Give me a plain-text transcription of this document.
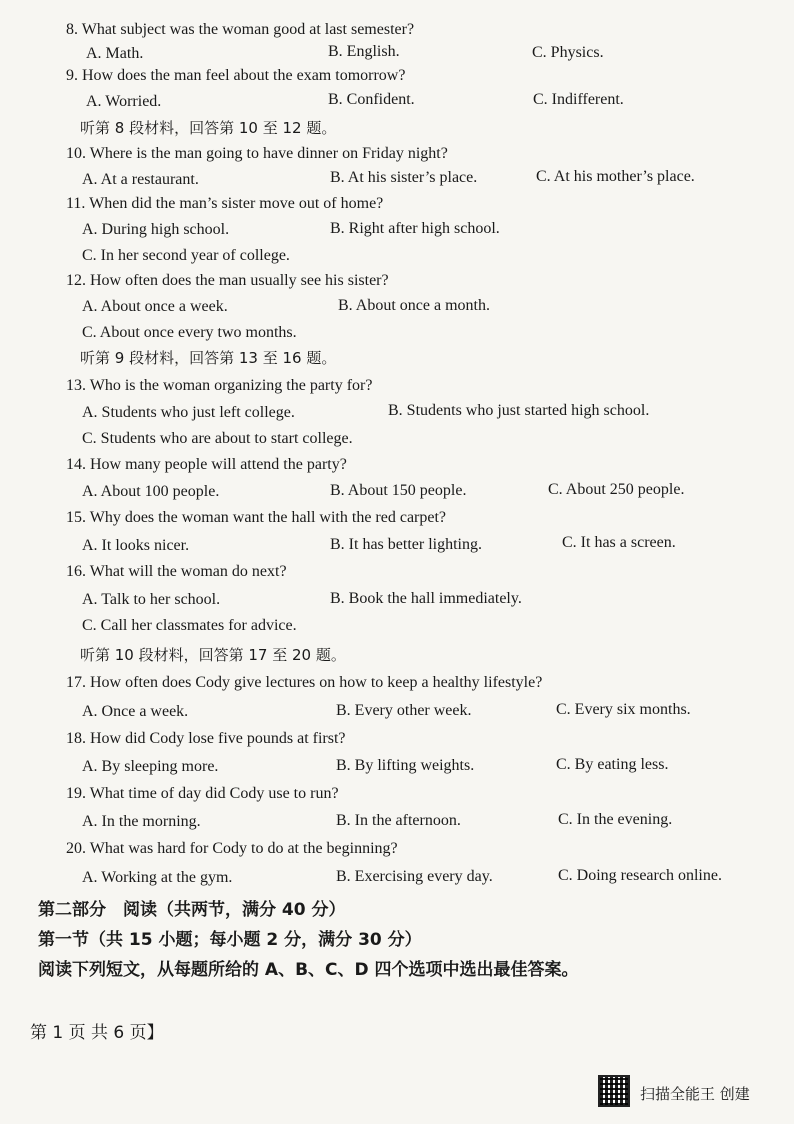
8. What subject was the woman good at last semester?
A. Math.	B. English.	C. Physics.
9. How does the man feel about the exam tomorrow?
A. Worried.	B. Confident.	C. Indifferent.
听第 8 段材料，回答第 10 至 12 题。
10. Where is the man going to have dinner on Friday night?
A. At a restaurant.	B. At his sister’s place.	C. At his mother’s place.
11. When did the man’s sister move out of home?
A. During high school.	B. Right after high school.
C. In her second year of college.
12. How often does the man usually see his sister?
A. About once a week.	B. About once a month.
C. About once every two months.
听第 9 段材料，回答第 13 至 16 题。
13. Who is the woman organizing the party for?
A. Students who just left college.	B. Students who just started high school.
C. Students who are about to start college.
14. How many people will attend the party?
A. About 100 people.	B. About 150 people.	C. About 250 people.
15. Why does the woman want the hall with the red carpet?
A. It looks nicer.	B. It has better lighting.	C. It has a screen.
16. What will the woman do next?
A. Talk to her school.	B. Book the hall immediately.
C. Call her classmates for advice.
听第 10 段材料，回答第 17 至 20 题。
17. How often does Cody give lectures on how to keep a healthy lifestyle?
A. Once a week.	B. Every other week.	C. Every six months.
18. How did Cody lose five pounds at first?
A. By sleeping more.	B. By lifting weights.	C. By eating less.
19. What time of day did Cody use to run?
A. In the morning.	B. In the afternoon.	C. In the evening.
20. What was hard for Cody to do at the beginning?
A. Working at the gym.	B. Exercising every day.	C. Doing research online.
第二部分　阅读（共两节，满分 40 分）
第一节（共 15 小题；每小题 2 分，满分 30 分）
阅读下列短文，从每题所给的 A、B、C、D 四个选项中选出最佳答案。
第 1 页 共 6 页】
扫描全能王 创建
